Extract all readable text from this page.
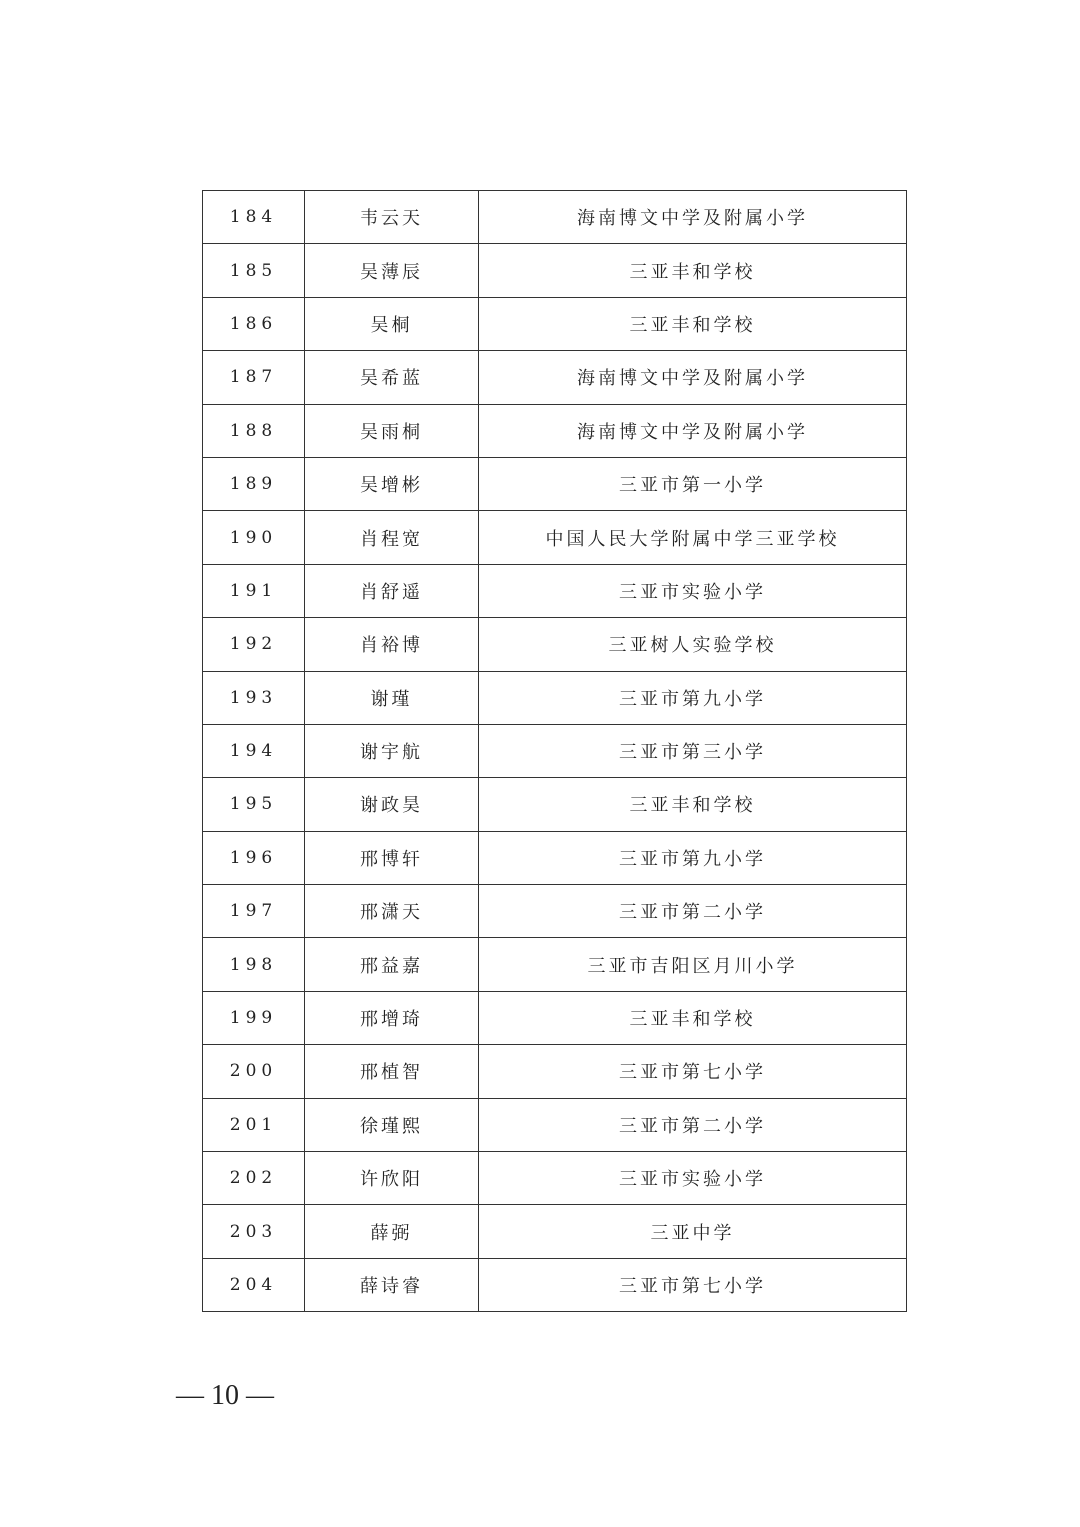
184	韦云天	海南博文中学及附属小学
185	吴薄辰	三亚丰和学校
186	吴桐	三亚丰和学校
187	吴希蓝	海南博文中学及附属小学
188	吴雨桐	海南博文中学及附属小学
189	吴增彬	三亚市第一小学
190	肖程宽	中国人民大学附属中学三亚学校
191	肖舒遥	三亚市实验小学
192	肖裕博	三亚树人实验学校
193	谢瑾	三亚市第九小学
194	谢宇航	三亚市第三小学
195	谢政昊	三亚丰和学校
196	邢博轩	三亚市第九小学
197	邢潇天	三亚市第二小学
198	邢益嘉	三亚市吉阳区月川小学
199	邢增琦	三亚丰和学校
200	邢植智	三亚市第七小学
201	徐瑾熙	三亚市第二小学
202	许欣阳	三亚市实验小学
203	薛弼	三亚中学
204	薛诗睿	三亚市第七小学
— 10 —
